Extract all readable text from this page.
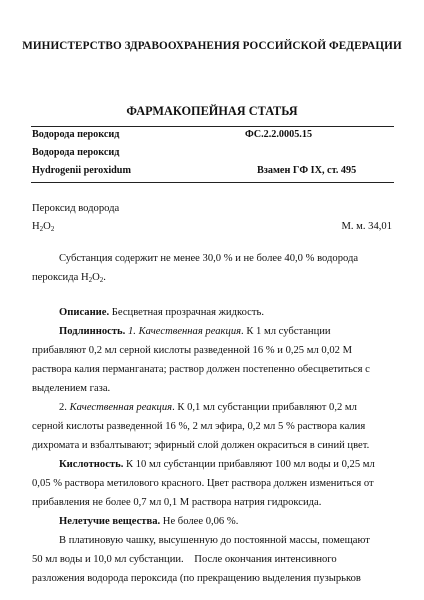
МИНИСТЕРСТВО ЗДРАВООХРАНЕНИЯ РОССИЙСКОЙ ФЕДЕРАЦИИ
ФАРМАКОПЕЙНАЯ СТАТЬЯ
Водорода пероксид	ФС.2.2.0005.15
Водорода пероксид
Hydrogenii peroxidum	Взамен ГФ IX, ст. 495
Пероксид водорода
$H_2O_2$	М. м. 34,01
Субстанция содержит не менее 30,0 % и не более 40,0 % водорода
пероксида $H_2O_2$.
Описание. Бесцветная прозрачная жидкость.
Подлинность. 1. Качественная реакция. К 1 мл субстанции
прибавляют 0,2 мл серной кислоты разведенной 16 % и 0,25 мл 0,02 М
раствора калия перманганата; раствор должен постепенно обесцветиться с
выделением газа.
2. Качественная реакция. К 0,1 мл субстанции прибавляют 0,2 мл
серной кислоты разведенной 16 %, 2 мл эфира, 0,2 мл 5 % раствора калия
дихромата и взбалтывают; эфирный слой должен окраситься в синий цвет.
Кислотность. К 10 мл субстанции прибавляют 100 мл воды и 0,25 мл
0,05 % раствора метилового красного. Цвет раствора должен измениться от
прибавления не более 0,7 мл 0,1 М раствора натрия гидроксида.
Нелетучие вещества. Не более 0,06 %.
В платиновую чашку, высушенную до постоянной массы, помещают
50 мл воды и 10,0 мл субстанции.    После окончания интенсивного
разложения водорода пероксида (по прекращению выделения пузырьков
